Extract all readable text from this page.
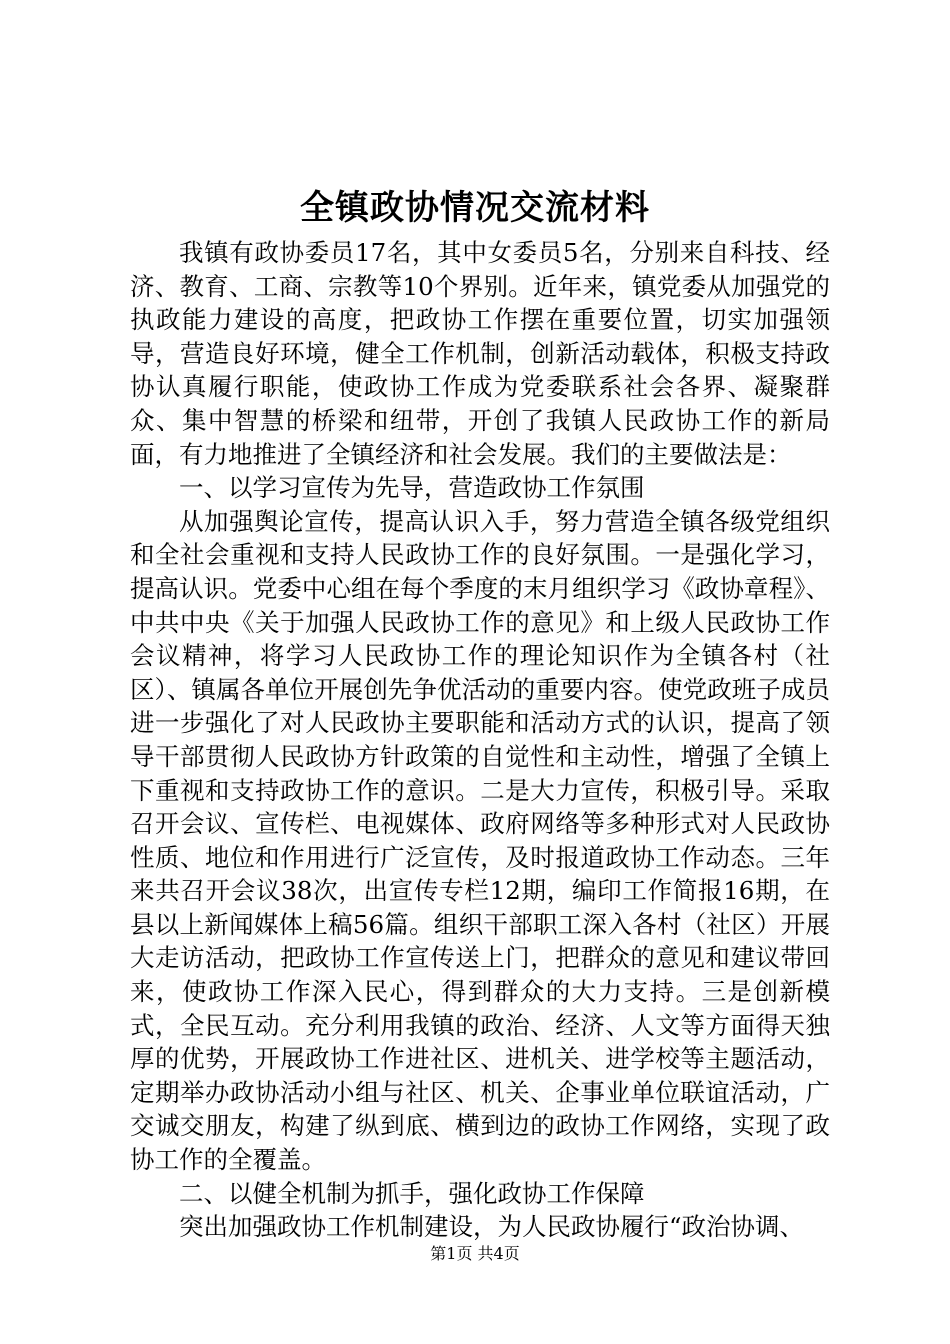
全镇政协情况交流材料

我镇有政协委员17名，其中女委员5名，分别来自科技、经济、教育、工商、宗教等10个界别。近年来，镇党委从加强党的执政能力建设的高度，把政协工作摆在重要位置，切实加强领导，营造良好环境，健全工作机制，创新活动载体，积极支持政协认真履行职能，使政协工作成为党委联系社会各界、凝聚群众、集中智慧的桥梁和纽带，开创了我镇人民政协工作的新局面，有力地推进了全镇经济和社会发展。我们的主要做法是：

一、以学习宣传为先导，营造政协工作氛围

从加强舆论宣传，提高认识入手，努力营造全镇各级党组织和全社会重视和支持人民政协工作的良好氛围。一是强化学习，提高认识。党委中心组在每个季度的末月组织学习《政协章程》、中共中央《关于加强人民政协工作的意见》和上级人民政协工作会议精神，将学习人民政协工作的理论知识作为全镇各村（社区）、镇属各单位开展创先争优活动的重要内容。使党政班子成员进一步强化了对人民政协主要职能和活动方式的认识，提高了领导干部贯彻人民政协方针政策的自觉性和主动性，增强了全镇上下重视和支持政协工作的意识。二是大力宣传，积极引导。采取召开会议、宣传栏、电视媒体、政府网络等多种形式对人民政协性质、地位和作用进行广泛宣传，及时报道政协工作动态。三年来共召开会议38次，出宣传专栏12期，编印工作简报16期，在县以上新闻媒体上稿56篇。组织干部职工深入各村（社区）开展大走访活动，把政协工作宣传送上门，把群众的意见和建议带回来，使政协工作深入民心，得到群众的大力支持。三是创新模式，全民互动。充分利用我镇的政治、经济、人文等方面得天独厚的优势，开展政协工作进社区、进机关、进学校等主题活动，定期举办政协活动小组与社区、机关、企事业单位联谊活动，广交诚交朋友，构建了纵到底、横到边的政协工作网络，实现了政协工作的全覆盖。

二、以健全机制为抓手，强化政协工作保障

突出加强政协工作机制建设，为人民政协履行“政治协调、

第1页 共4页
